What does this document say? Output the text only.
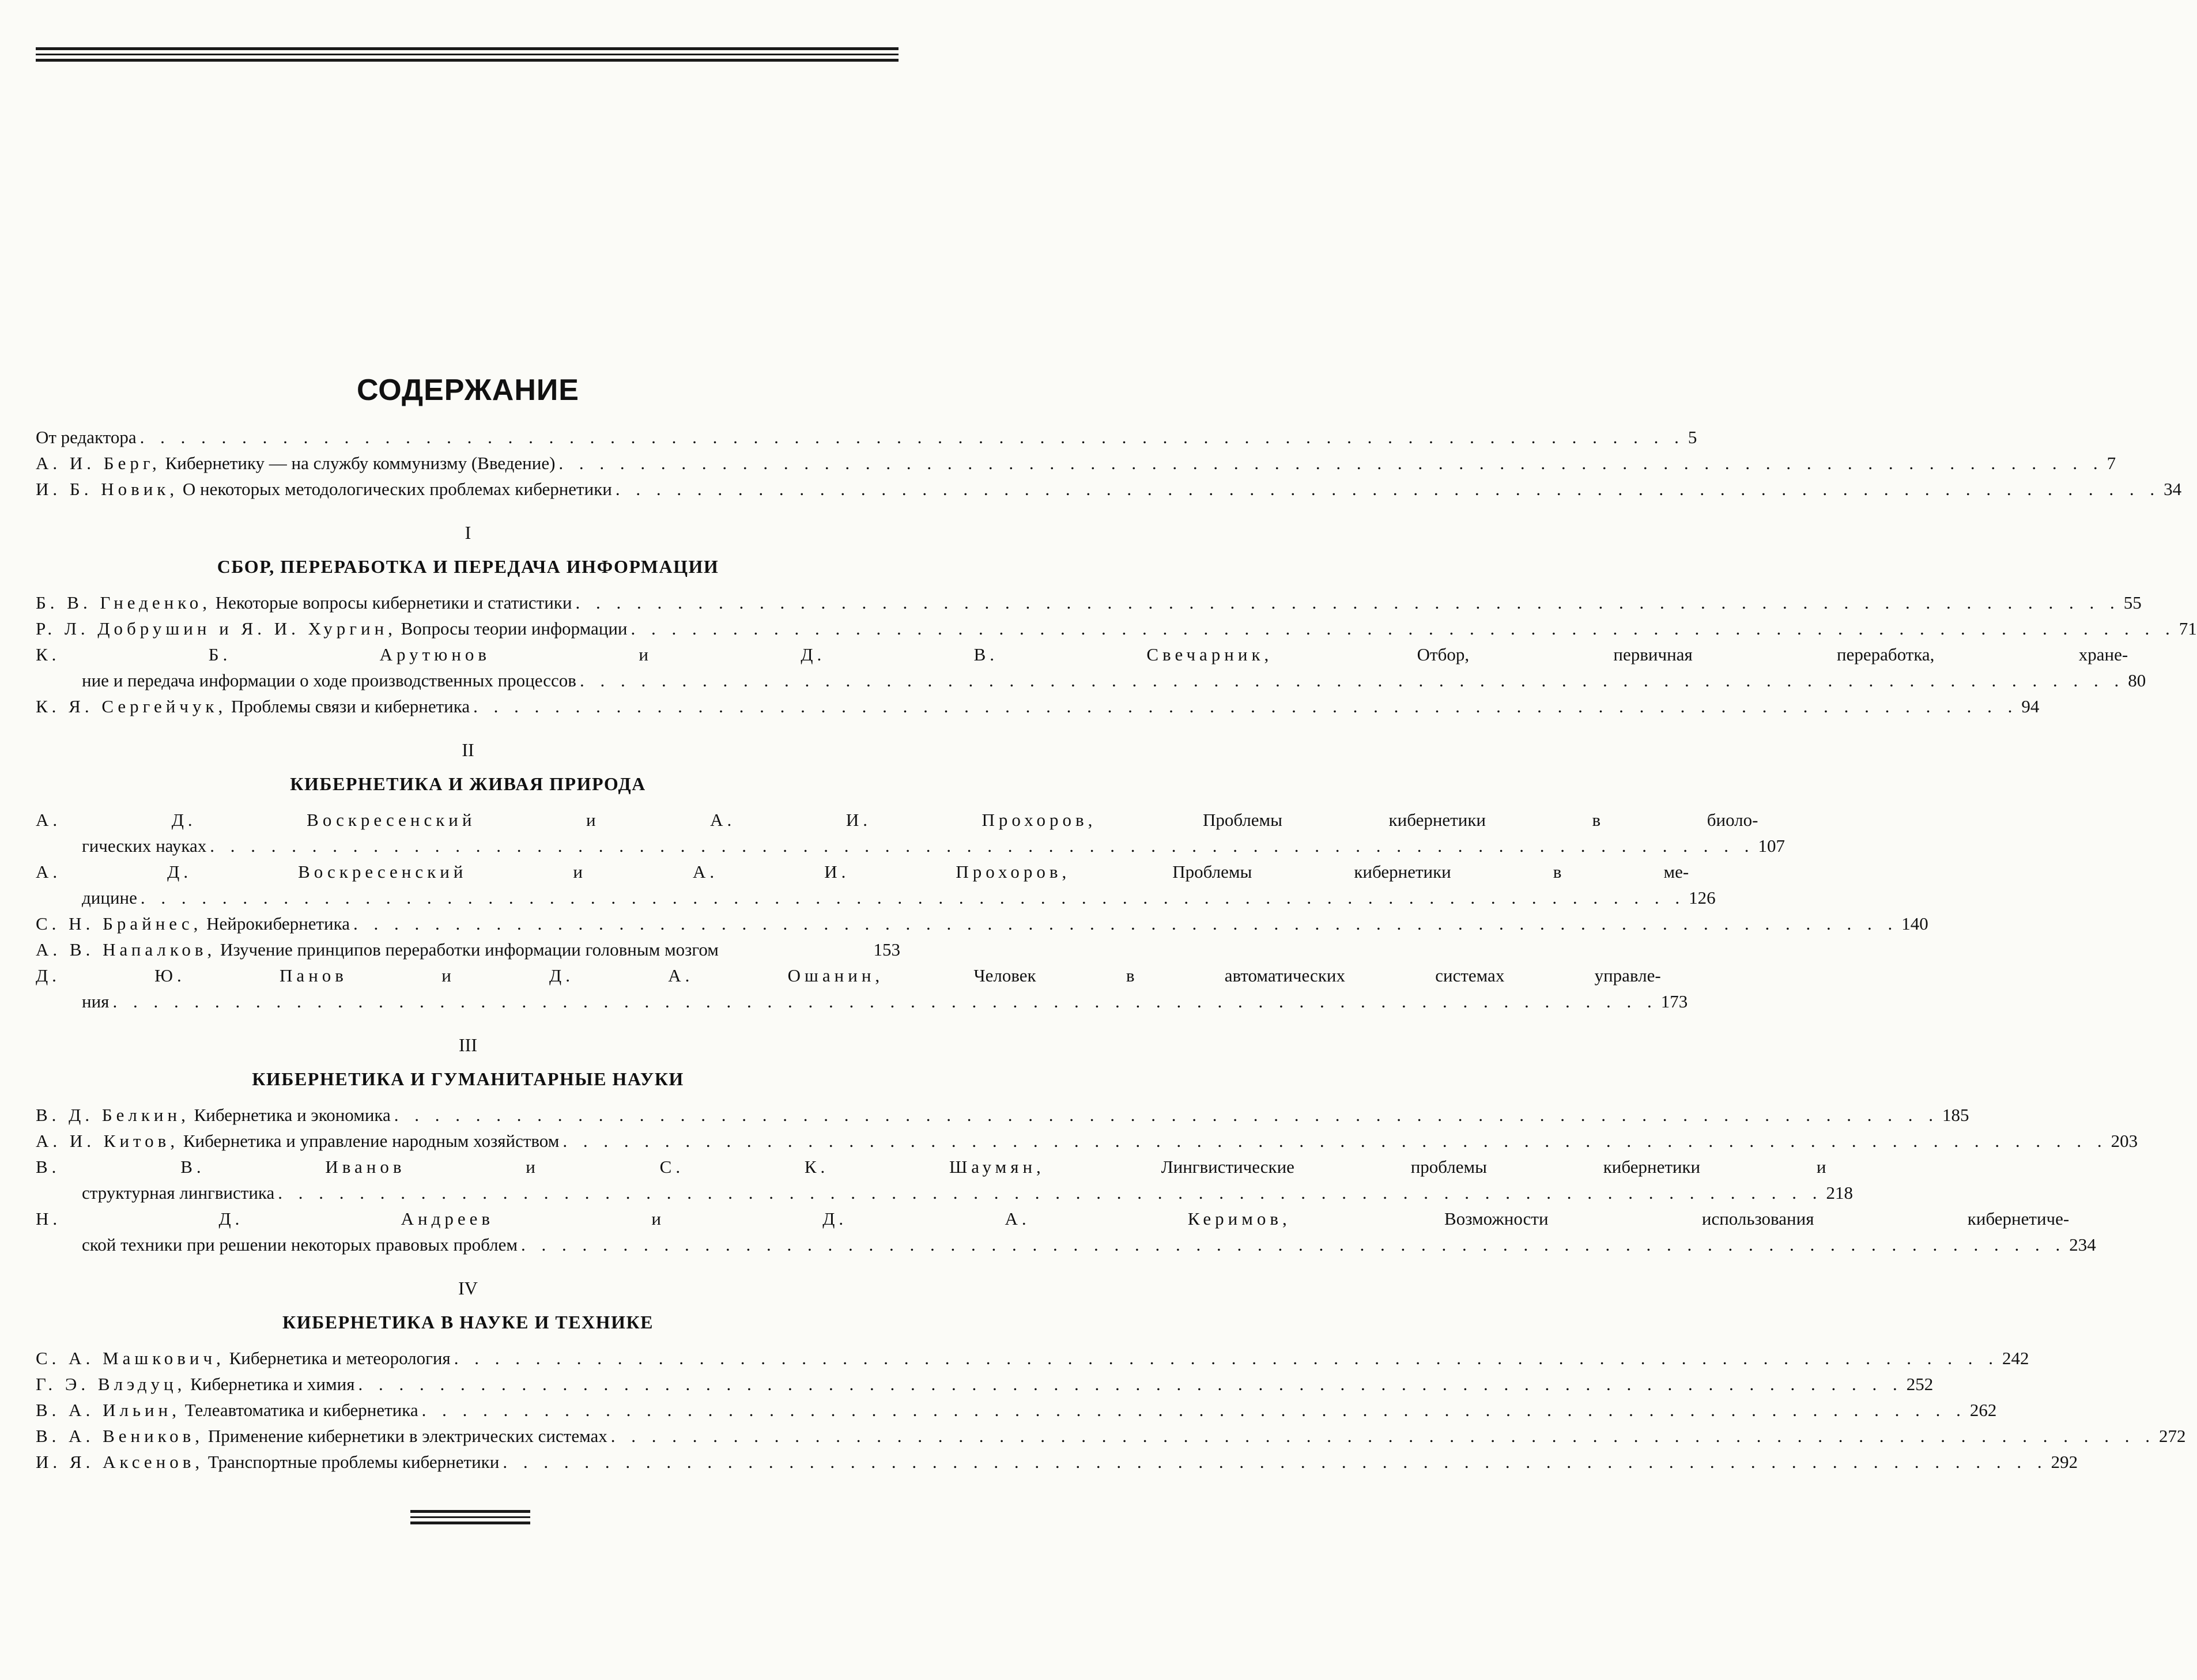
СОДЕРЖАНИЕ
От редактора . . . . . . . . . . . . . . . . . . . . . . . . . . . . . . . . . . . . . . . . . . . . . . . . . . . . . . . . . . . . . . . . . . . . . . . . . . . . 5
А. И. Берг, Кибернетику — на службу коммунизму (Введение) . . . . . . . . . . . . . . . . . . . . . . . . . . . . . . . . . . . . . . . . . . . . . . . . . . . . . . . . . . . . . . . . . . . . . . . . . . . . 7
И. Б. Новик, О некоторых методологических проблемах кибернетики . . . . . . . . . . . . . . . . . . . . . . . . . . . . . . . . . . . . . . . . . . . . . . . . . . . . . . . . . . . . . . . . . . . . . . . . . . . . 34
I
СБОР, ПЕРЕРАБОТКА И ПЕРЕДАЧА ИНФОРМАЦИИ
Б. В. Гнеденко, Некоторые вопросы кибернетики и статистики . . . . . . . . . . . . . . . . . . . . . . . . . . . . . . . . . . . . . . . . . . . . . . . . . . . . . . . . . . . . . . . . . . . . . . . . . . . . 55
Р. Л. Добрушин и Я. И. Хургин, Вопросы теории информации . . . . . . . . . . . . . . . . . . . . . . . . . . . . . . . . . . . . . . . . . . . . . . . . . . . . . . . . . . . . . . . . . . . . . . . . . . . . 71
К. Б. Арутюнов и Д. В. Свечарник,	Отбор, первичная переработка, хране-
ние и передача информации о ходе производственных процессов . . . . . . . . . . . . . . . . . . . . . . . . . . . . . . . . . . . . . . . . . . . . . . . . . . . . . . . . . . . . . . . . . . . . . . . . . . . . 80
К. Я. Сергейчук, Проблемы связи и кибернетика . . . . . . . . . . . . . . . . . . . . . . . . . . . . . . . . . . . . . . . . . . . . . . . . . . . . . . . . . . . . . . . . . . . . . . . . . . . . 94
II
КИБЕРНЕТИКА И ЖИВАЯ ПРИРОДА
А. Д. Воскресенский и А. И. Прохоров,	Проблемы кибернетики в биоло-
гических науках . . . . . . . . . . . . . . . . . . . . . . . . . . . . . . . . . . . . . . . . . . . . . . . . . . . . . . . . . . . . . . . . . . . . . . . . . . . . 107
А. Д. Воскресенский и А. И. Прохоров,	Проблемы кибернетики в ме-
дицине . . . . . . . . . . . . . . . . . . . . . . . . . . . . . . . . . . . . . . . . . . . . . . . . . . . . . . . . . . . . . . . . . . . . . . . . . . . . 126
С. Н. Брайнес, Нейрокибернетика . . . . . . . . . . . . . . . . . . . . . . . . . . . . . . . . . . . . . . . . . . . . . . . . . . . . . . . . . . . . . . . . . . . . . . . . . . . . 140
А. В. Напалков, Изучение принципов переработки информации головным мозгом	153
Д. Ю. Панов и Д. А. Ошанин,	Человек в автоматических системах управле-
ния . . . . . . . . . . . . . . . . . . . . . . . . . . . . . . . . . . . . . . . . . . . . . . . . . . . . . . . . . . . . . . . . . . . . . . . . . . . . 173
III
КИБЕРНЕТИКА И ГУМАНИТАРНЫЕ НАУКИ
В. Д. Белкин, Кибернетика и экономика . . . . . . . . . . . . . . . . . . . . . . . . . . . . . . . . . . . . . . . . . . . . . . . . . . . . . . . . . . . . . . . . . . . . . . . . . . . . 185
А. И. Китов, Кибернетика и управление народным хозяйством . . . . . . . . . . . . . . . . . . . . . . . . . . . . . . . . . . . . . . . . . . . . . . . . . . . . . . . . . . . . . . . . . . . . . . . . . . . . 203
В. В. Иванов и С. К. Шаумян,	Лингвистические проблемы кибернетики и
структурная лингвистика . . . . . . . . . . . . . . . . . . . . . . . . . . . . . . . . . . . . . . . . . . . . . . . . . . . . . . . . . . . . . . . . . . . . . . . . . . . . 218
Н. Д. Андреев и Д. А. Керимов,	Возможности использования кибернетиче-
ской техники при решении некоторых правовых проблем . . . . . . . . . . . . . . . . . . . . . . . . . . . . . . . . . . . . . . . . . . . . . . . . . . . . . . . . . . . . . . . . . . . . . . . . . . . . 234
IV
КИБЕРНЕТИКА В НАУКЕ И ТЕХНИКЕ
С. А. Машкович, Кибернетика и метеорология . . . . . . . . . . . . . . . . . . . . . . . . . . . . . . . . . . . . . . . . . . . . . . . . . . . . . . . . . . . . . . . . . . . . . . . . . . . . 242
Г. Э. Влэдуц, Кибернетика и химия . . . . . . . . . . . . . . . . . . . . . . . . . . . . . . . . . . . . . . . . . . . . . . . . . . . . . . . . . . . . . . . . . . . . . . . . . . . . 252
В. А. Ильин, Телеавтоматика и кибернетика . . . . . . . . . . . . . . . . . . . . . . . . . . . . . . . . . . . . . . . . . . . . . . . . . . . . . . . . . . . . . . . . . . . . . . . . . . . . 262
В. А. Веников, Применение кибернетики в электрических системах . . . . . . . . . . . . . . . . . . . . . . . . . . . . . . . . . . . . . . . . . . . . . . . . . . . . . . . . . . . . . . . . . . . . . . . . . . . . 272
И. Я. Аксенов, Транспортные проблемы кибернетики . . . . . . . . . . . . . . . . . . . . . . . . . . . . . . . . . . . . . . . . . . . . . . . . . . . . . . . . . . . . . . . . . . . . . . . . . . . . 292
